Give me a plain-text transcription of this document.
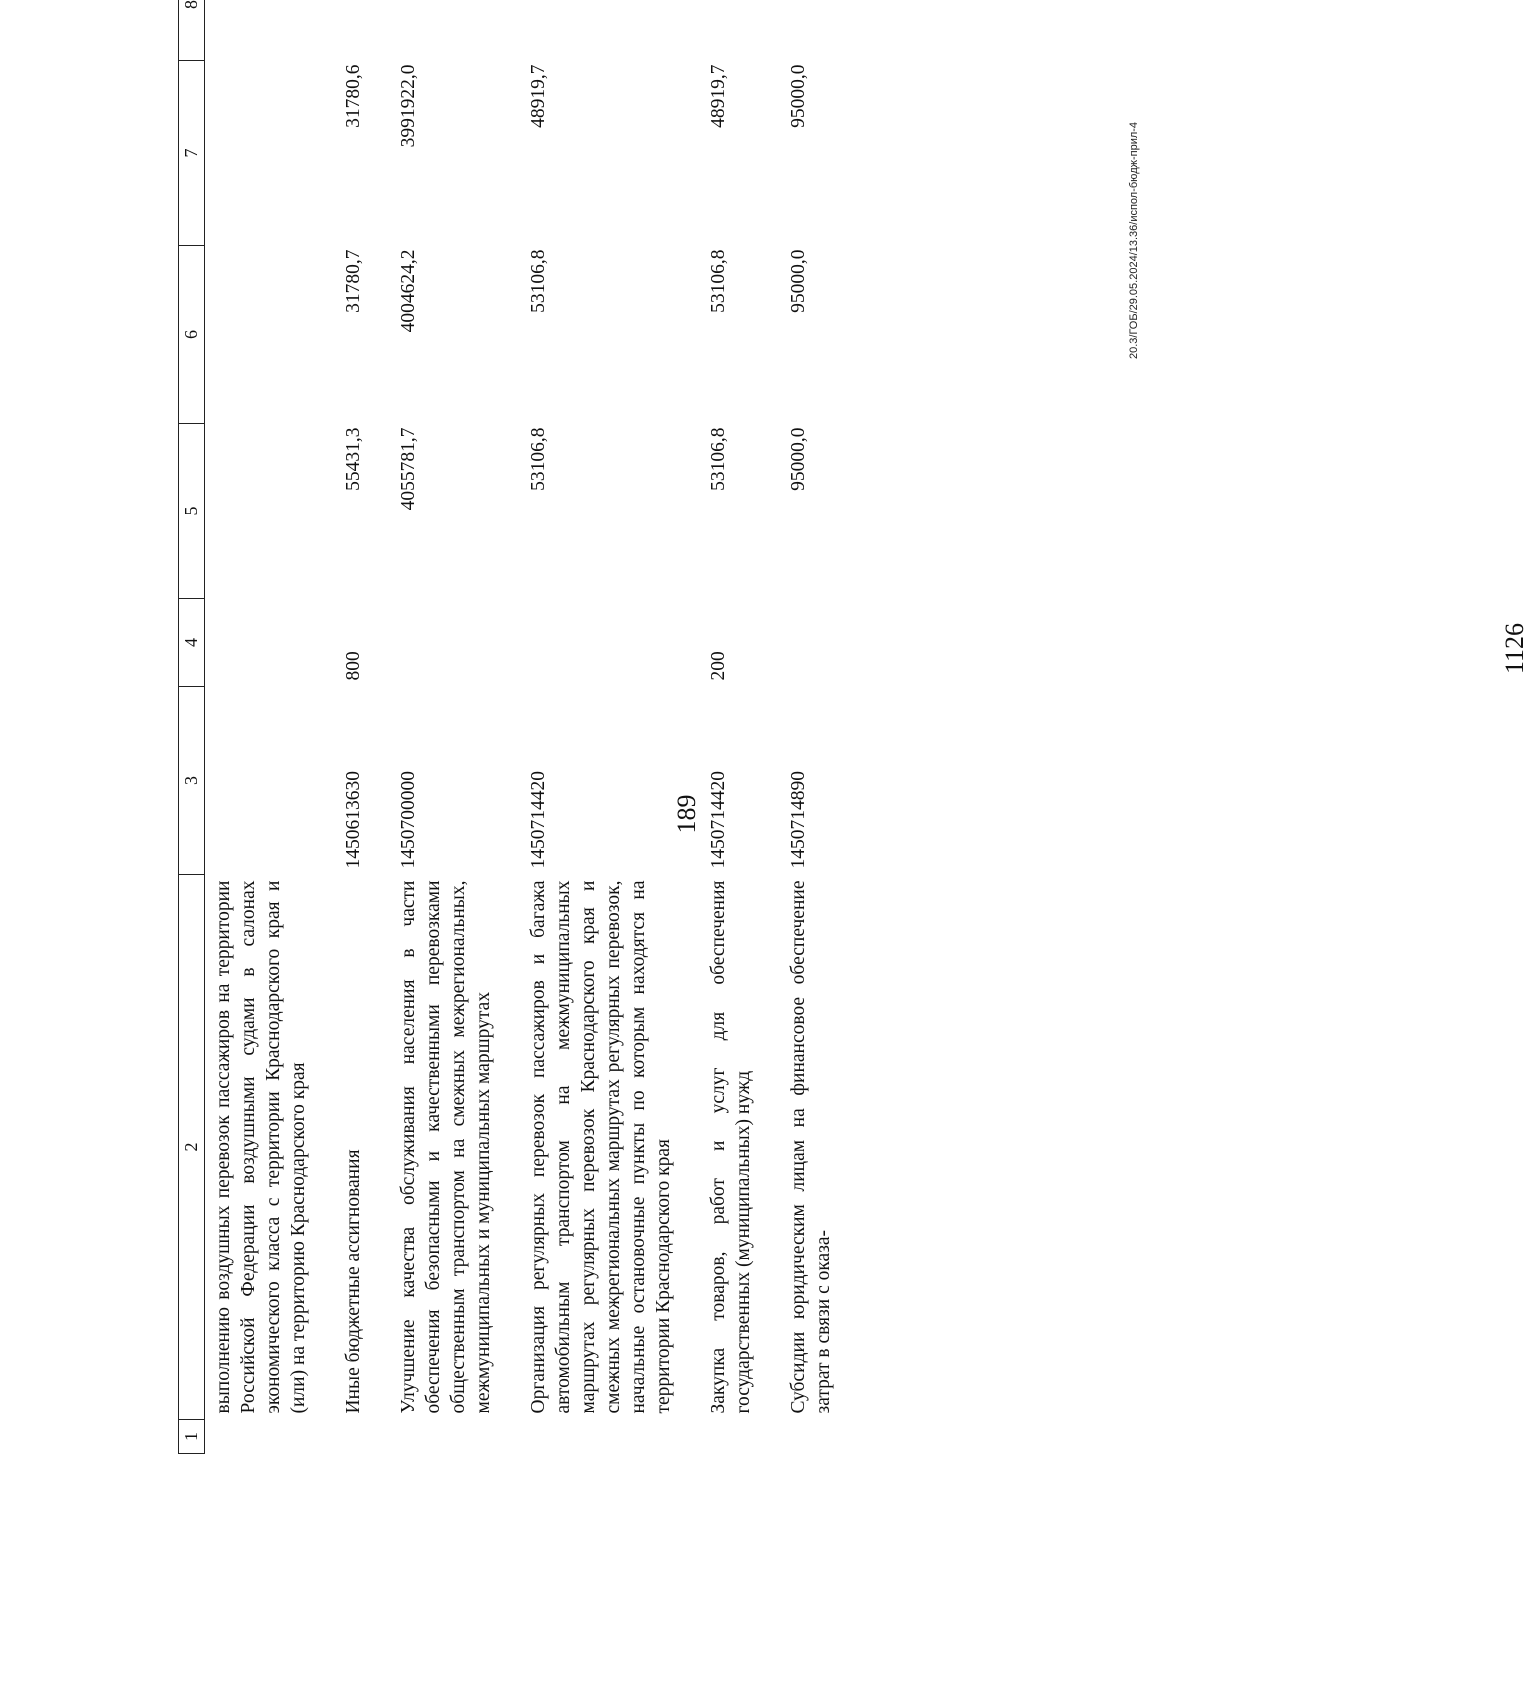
189
1	2	3	4	5	6	7	8
	выполнению воздушных перевозок пассажиров на территории Российской Федерации воздушными судами в салонах экономического класса с территории Краснодарского края и (или) на территорию Краснодарского края						
	Иные бюджетные ассигнования	1450613630	800	55431,3	31780,7	31780,6	
	Улучшение качества обслуживания населения в части обеспечения безопасными и качественными перевозками общественным транспортом на смежных межрегиональных, межмуниципальных и муниципальных маршрутах	1450700000		4055781,7	4004624,2	3991922,0	
	Организация регулярных перевозок пассажиров и багажа автомобильным транспортом на межмуниципальных маршрутах регулярных перевозок Краснодарского края и смежных межрегиональных маршрутах регулярных перевозок, начальные остановочные пункты по которым находятся на территории Краснодарского края	1450714420		53106,8	53106,8	48919,7	
	Закупка товаров, работ и услуг для обеспечения государственных (муниципальных) нужд	1450714420	200	53106,8	53106,8	48919,7	
	Субсидии юридическим лицам на финансовое обеспечение затрат в связи с оказа-	1450714890		95000,0	95000,0	95000,0	
20.3/ГОБ/29.05.2024/13.36/испол-бюдж-прил-4
1126
